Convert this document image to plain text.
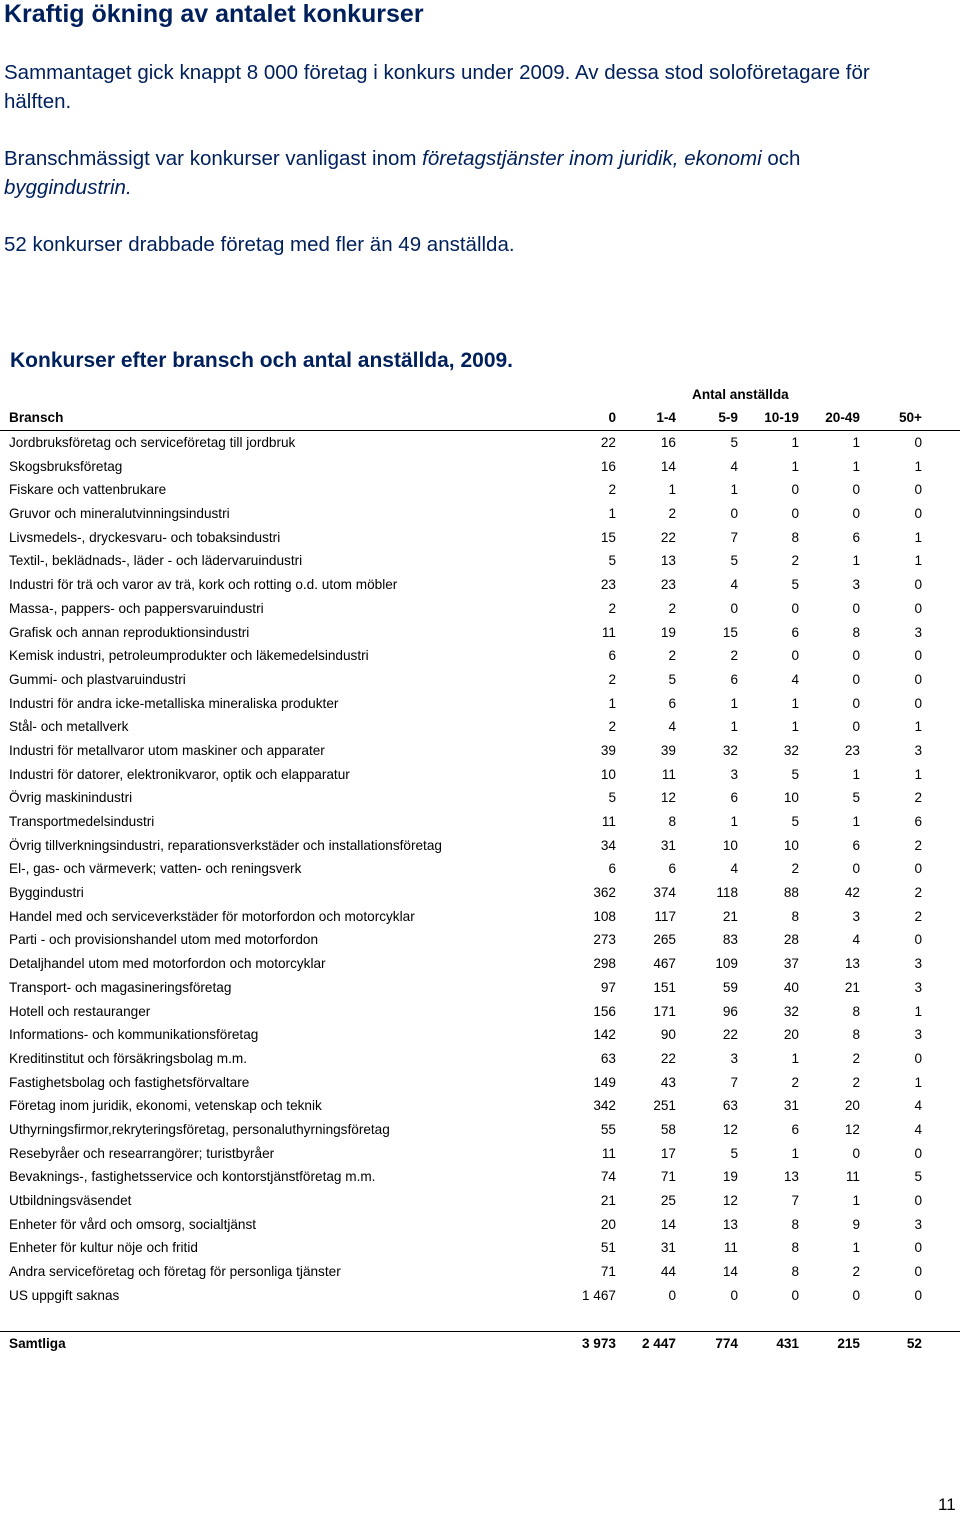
Kraftig ökning av antalet konkurser

Sammantaget gick knappt 8 000 företag i konkurs under 2009. Av dessa stod soloföretagare för hälften.

Branschmässigt var konkurser vanligast inom företagstjänster inom juridik, ekonomi och byggindustrin.

52 konkurser drabbade företag med fler än 49 anställda.

Konkurser efter bransch och antal anställda, 2009.
Antal anställda
Bransch	0	1-4	5-9	10-19	20-49	50+
Jordbruksföretag och serviceföretag till jordbruk	22	16	5	1	1	0
Skogsbruksföretag	16	14	4	1	1	1
Fiskare och vattenbrukare	2	1	1	0	0	0
Gruvor och mineralutvinningsindustri	1	2	0	0	0	0
Livsmedels-, dryckesvaru- och tobaksindustri	15	22	7	8	6	1
Textil-, beklädnads-, läder - och lädervaruindustri	5	13	5	2	1	1
Industri för trä och varor av trä, kork och rotting o.d. utom möbler	23	23	4	5	3	0
Massa-, pappers- och pappersvaruindustri	2	2	0	0	0	0
Grafisk och annan reproduktionsindustri	11	19	15	6	8	3
Kemisk industri, petroleumprodukter och läkemedelsindustri	6	2	2	0	0	0
Gummi- och plastvaruindustri	2	5	6	4	0	0
Industri för andra icke-metalliska mineraliska produkter	1	6	1	1	0	0
Stål- och metallverk	2	4	1	1	0	1
Industri för metallvaror utom maskiner och apparater	39	39	32	32	23	3
Industri för datorer, elektronikvaror, optik och elapparatur	10	11	3	5	1	1
Övrig maskinindustri	5	12	6	10	5	2
Transportmedelsindustri	11	8	1	5	1	6
Övrig tillverkningsindustri, reparationsverkstäder och installationsföretag	34	31	10	10	6	2
El-, gas- och värmeverk; vatten- och reningsverk	6	6	4	2	0	0
Byggindustri	362	374	118	88	42	2
Handel med och serviceverkstäder för motorfordon och motorcyklar	108	117	21	8	3	2
Parti - och provisionshandel utom med motorfordon	273	265	83	28	4	0
Detaljhandel utom med motorfordon och motorcyklar	298	467	109	37	13	3
Transport- och magasineringsföretag	97	151	59	40	21	3
Hotell och restauranger	156	171	96	32	8	1
Informations- och kommunikationsföretag	142	90	22	20	8	3
Kreditinstitut och försäkringsbolag m.m.	63	22	3	1	2	0
Fastighetsbolag och fastighetsförvaltare	149	43	7	2	2	1
Företag inom juridik, ekonomi, vetenskap och teknik	342	251	63	31	20	4
Uthyrningsfirmor,rekryteringsföretag, personaluthyrningsföretag	55	58	12	6	12	4
Resebyråer och researrangörer; turistbyråer	11	17	5	1	0	0
Bevaknings-, fastighetsservice och kontorstjänstföretag m.m.	74	71	19	13	11	5
Utbildningsväsendet	21	25	12	7	1	0
Enheter för vård och omsorg, socialtjänst	20	14	13	8	9	3
Enheter för kultur nöje och fritid	51	31	11	8	1	0
Andra serviceföretag och företag för personliga tjänster	71	44	14	8	2	0
US uppgift saknas	1 467	0	0	0	0	0
Samtliga	3 973	2 447	774	431	215	52
11
